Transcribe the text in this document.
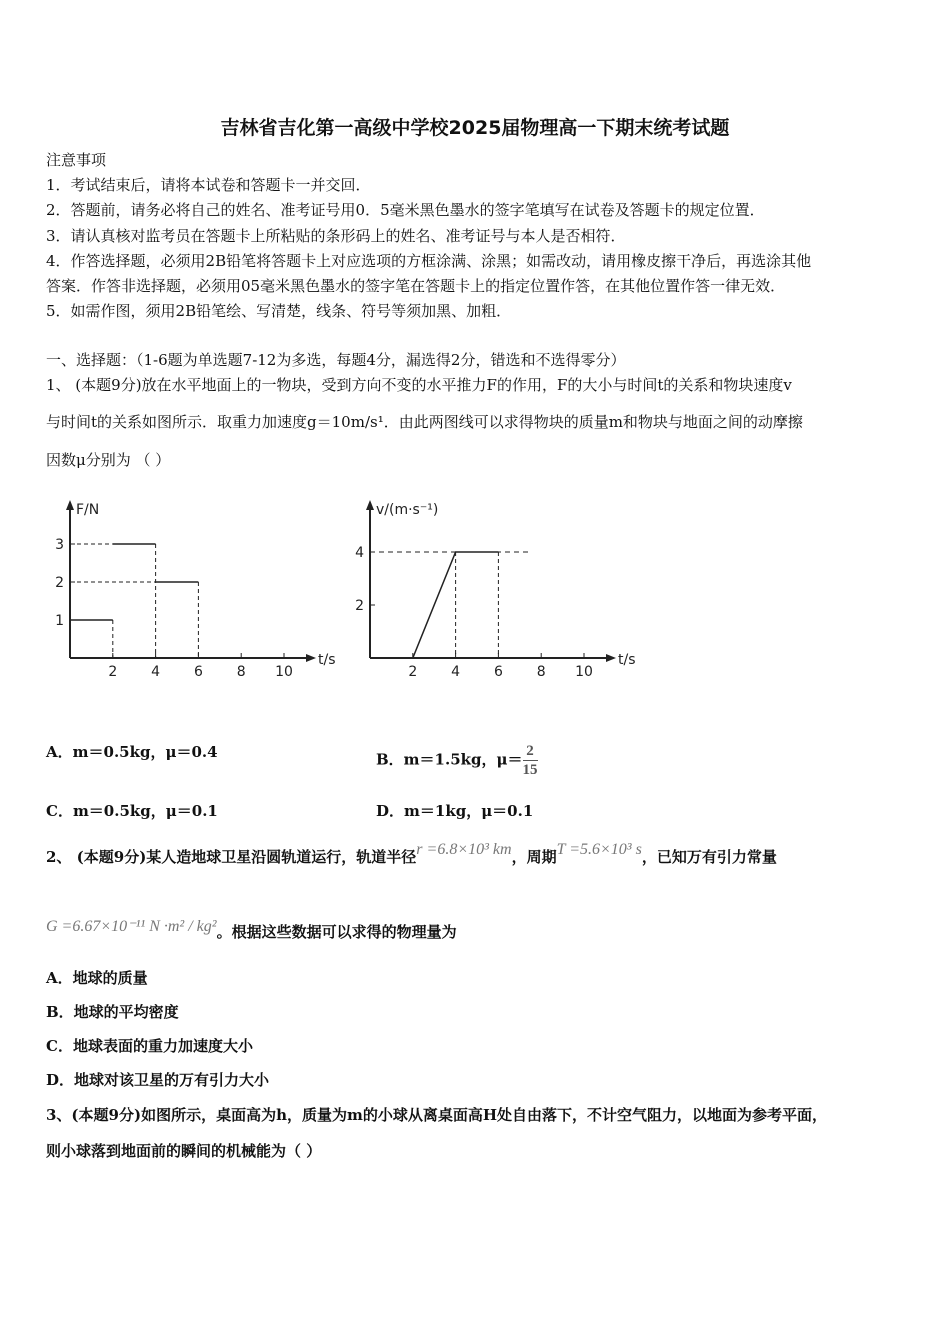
吉林省吉化第一高级中学校2025届物理高一下期末统考试题
注意事项
1．考试结束后，请将本试卷和答题卡一并交回．
2．答题前，请务必将自己的姓名、准考证号用0．5毫米黑色墨水的签字笔填写在试卷及答题卡的规定位置．
3．请认真核对监考员在答题卡上所粘贴的条形码上的姓名、准考证号与本人是否相符．
4．作答选择题，必须用2B铅笔将答题卡上对应选项的方框涂满、涂黑；如需改动，请用橡皮擦干净后，再选涂其他
答案．作答非选择题，必须用05毫米黑色墨水的签字笔在答题卡上的指定位置作答，在其他位置作答一律无效．
5．如需作图，须用2B铅笔绘、写清楚，线条、符号等须加黑、加粗．
一、选择题：（1-6题为单选题7-12为多选，每题4分，漏选得2分，错选和不选得零分）
1、 (本题9分)放在水平地面上的一物块，受到方向不变的水平推力F的作用，F的大小与时间t的关系和物块速度v
与时间t的关系如图所示．取重力加速度g＝10m/s¹．由此两图线可以求得物块的质量m和物块与地面之间的动摩擦
因数μ分别为 （ ）
F/N
t/s
2 4 6 8 10
1
2
3
v/(m·s⁻¹)
t/s
2 4 6 8 10
2
4
A．m＝0.5kg，μ＝0.4	B．m＝1.5kg，$\mu= \frac{2}{15}$
C．m＝0.5kg，μ＝0.1	D．m＝1kg，μ＝0.1
2、 (本题9分)某人造地球卫星沿圆轨道运行，轨道半径r =6.8×10³ km，周期T =5.6×10³ s，已知万有引力常量
G =6.67×10⁻¹¹ N ·m² / kg²。根据这些数据可以求得的物理量为
A．地球的质量
B．地球的平均密度
C．地球表面的重力加速度大小
D．地球对该卫星的万有引力大小
3、(本题9分)如图所示，桌面高为h，质量为m的小球从离桌面高H处自由落下，不计空气阻力，以地面为参考平面，
则小球落到地面前的瞬间的机械能为（ ）
